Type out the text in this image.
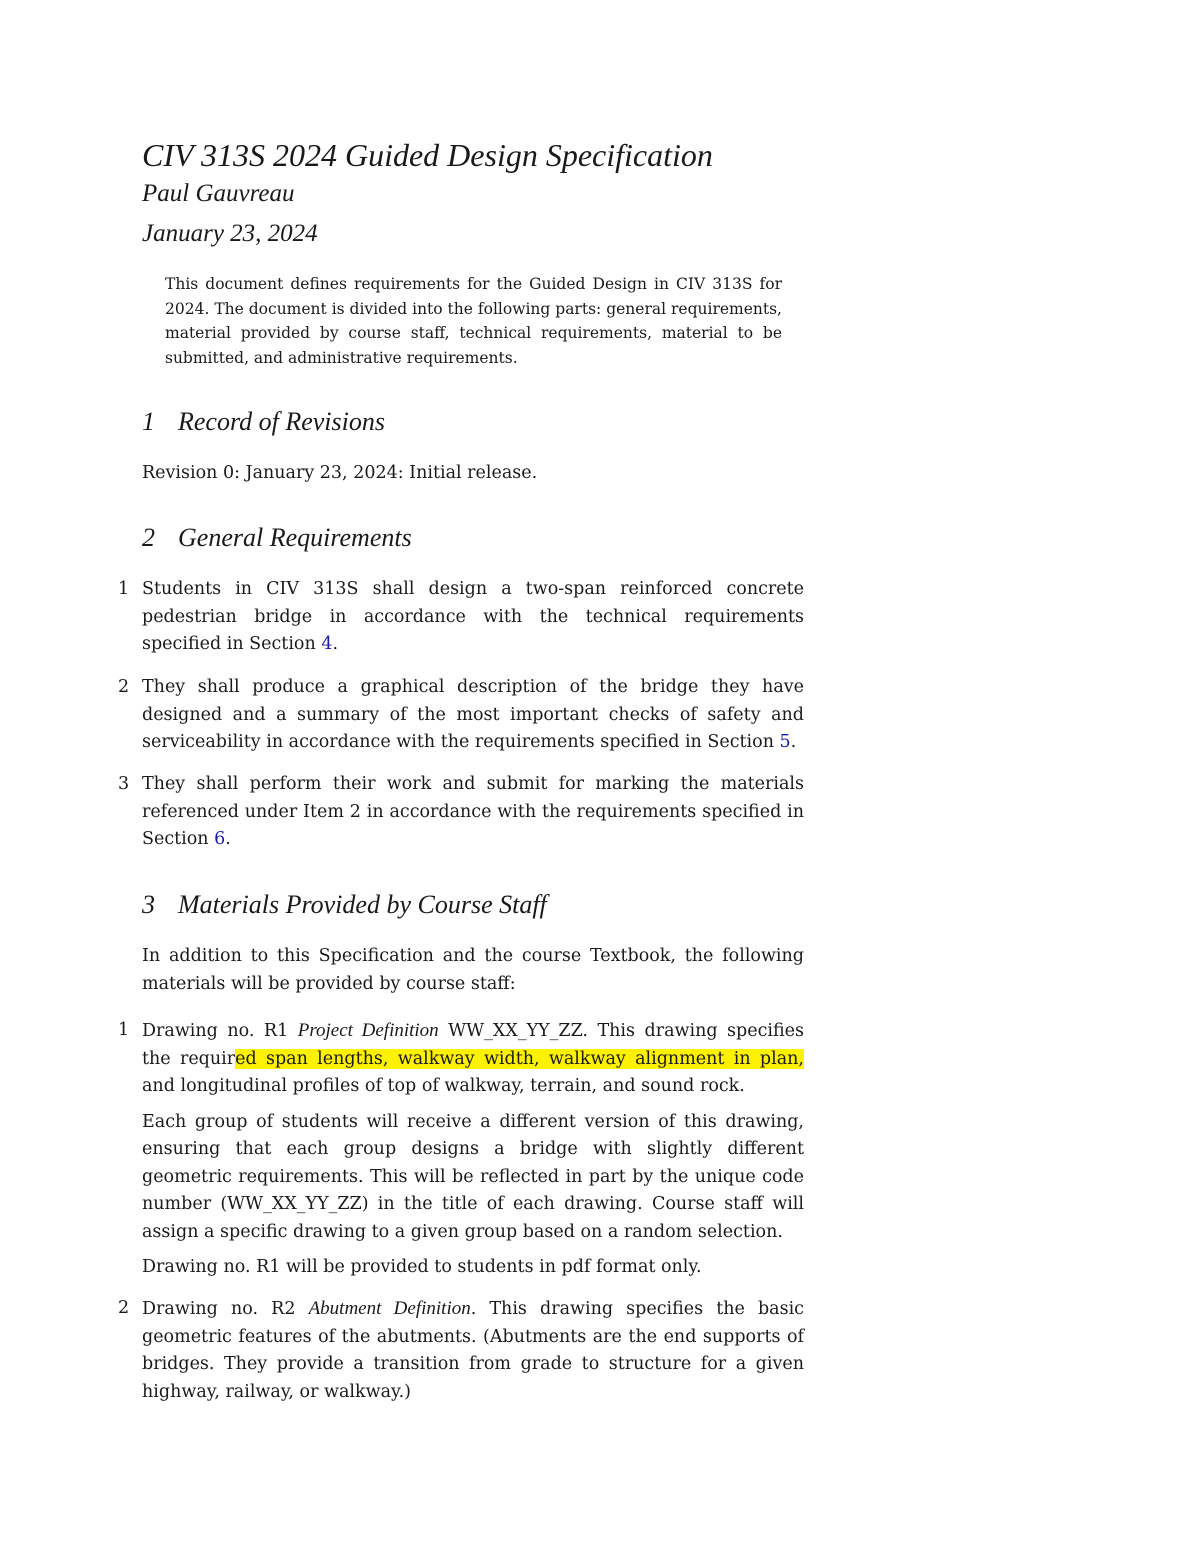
CIV 313S 2024 Guided Design Specification
Paul Gauvreau
January 23, 2024

This document defines requirements for the Guided Design in CIV 313S for 2024. The document is divided into the following parts: general requirements, material provided by course staff, technical requirements, material to be submitted, and administrative requirements.

1 Record of Revisions

Revision 0: January 23, 2024: Initial release.

2 General Requirements
1 Students in CIV 313S shall design a two-span reinforced concrete pedestrian bridge in accordance with the technical requirements specified in Section 4.

2 They shall produce a graphical description of the bridge they have designed and a summary of the most important checks of safety and serviceability in accordance with the requirements specified in Section 5.

3 They shall perform their work and submit for marking the materials referenced under Item 2 in accordance with the requirements specified in Section 6.

3 Materials Provided by Course Staff

In addition to this Specification and the course Textbook, the following materials will be provided by course staff:

1 Drawing no. R1 Project Definition WW_XX_YY_ZZ. This drawing specifies the required span lengths, walkway width, walkway alignment in plan, and longitudinal profiles of top of walkway, terrain, and sound rock.

Each group of students will receive a different version of this drawing, ensuring that each group designs a bridge with slightly different geometric requirements. This will be reflected in part by the unique code number (WW_XX_YY_ZZ) in the title of each drawing. Course staff will assign a specific drawing to a given group based on a random selection.

Drawing no. R1 will be provided to students in pdf format only.

2 Drawing no. R2 Abutment Definition. This drawing specifies the basic geometric features of the abutments. (Abutments are the end supports of bridges. They provide a transition from grade to structure for a given highway, railway, or walkway.)
